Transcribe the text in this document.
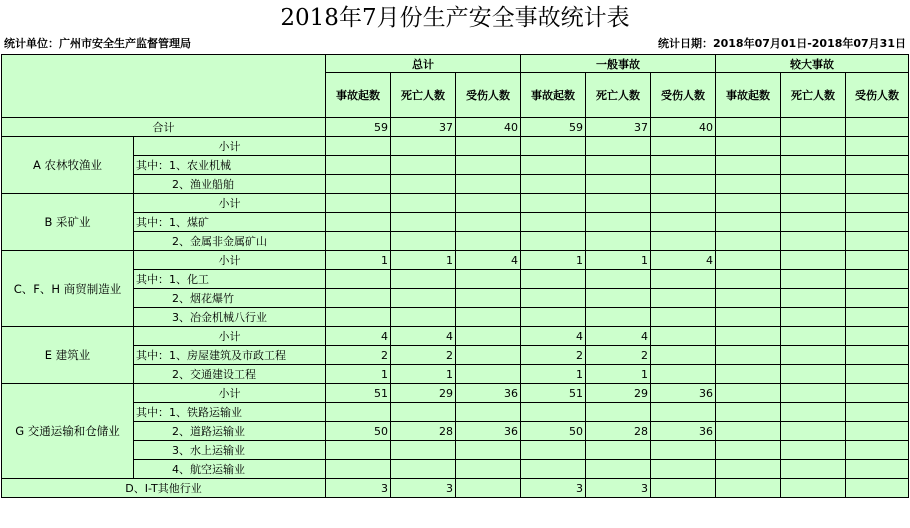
2018年7月份生产安全事故统计表
统计单位：广州市安全生产监督管理局	统计日期：2018年07月01日-2018年07月31日
		总计			一般事故			较大事故		
		事故起数	死亡人数	受伤人数	事故起数	死亡人数	受伤人数	事故起数	死亡人数	受伤人数
合计		59	37	40	59	37	40			
A 农林牧渔业	小计									
	其中：1、农业机械									
	2、渔业船舶									
B 采矿业	小计									
	其中：1、煤矿									
	2、金属非金属矿山									
C、F、H 商贸制造业	小计	1	1	4	1	1	4			
	其中：1、化工									
	2、烟花爆竹									
	3、冶金机械八行业									
E 建筑业	小计	4	4		4	4				
	其中：1、房屋建筑及市政工程	2	2		2	2				
	2、交通建设工程	1	1		1	1				
G 交通运输和仓储业	小计	51	29	36	51	29	36			
	其中：1、铁路运输业									
	2、道路运输业	50	28	36	50	28	36			
	3、水上运输业									
	4、航空运输业									
D、I-T其他行业		3	3		3	3				
